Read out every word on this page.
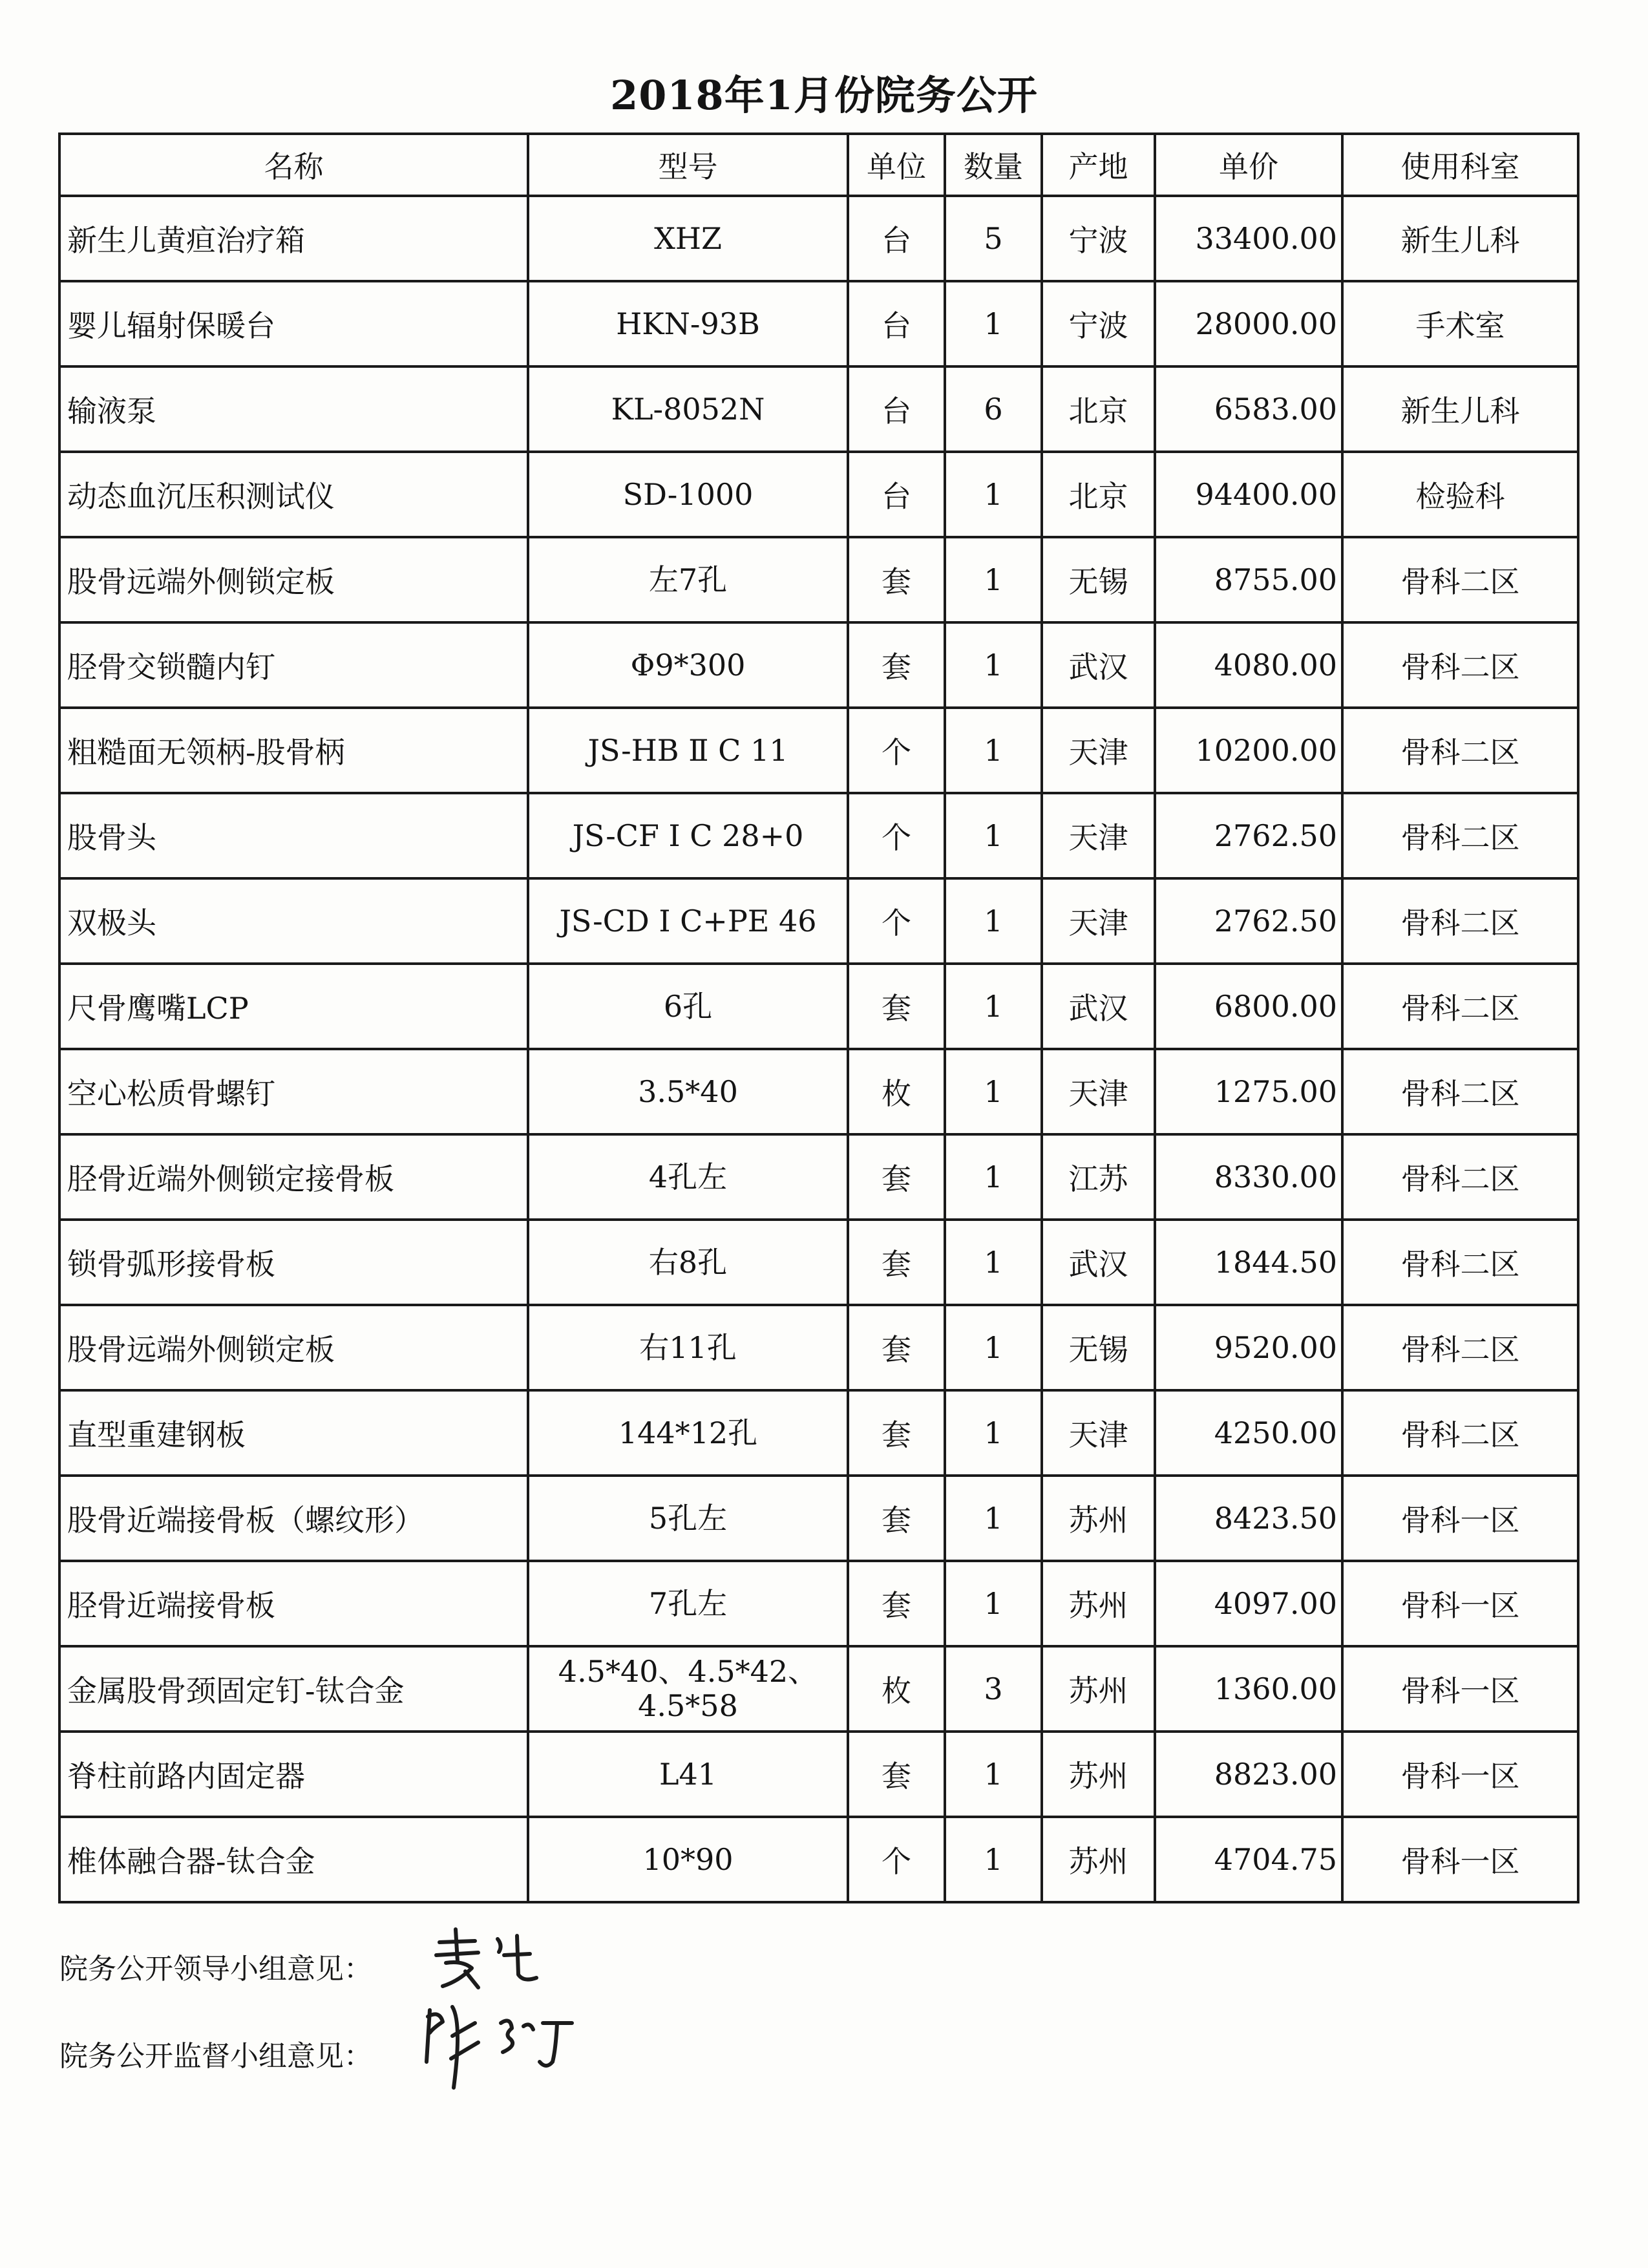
2018年1月份院务公开
名称	型号	单位	数量	产地	单价	使用科室
新生儿黄疸治疗箱	XHZ	台	5	宁波	33400.00	新生儿科
婴儿辐射保暖台	HKN-93B	台	1	宁波	28000.00	手术室
输液泵	KL-8052N	台	6	北京	6583.00	新生儿科
动态血沉压积测试仪	SD-1000	台	1	北京	94400.00	检验科
股骨远端外侧锁定板	左7孔	套	1	无锡	8755.00	骨科二区
胫骨交锁髓内钉	Φ9*300	套	1	武汉	4080.00	骨科二区
粗糙面无领柄-股骨柄	JS-HB Ⅱ C 11	个	1	天津	10200.00	骨科二区
股骨头	JS-CF Ⅰ C 28+0	个	1	天津	2762.50	骨科二区
双极头	JS-CD Ⅰ C+PE 46	个	1	天津	2762.50	骨科二区
尺骨鹰嘴LCP	6孔	套	1	武汉	6800.00	骨科二区
空心松质骨螺钉	3.5*40	枚	1	天津	1275.00	骨科二区
胫骨近端外侧锁定接骨板	4孔左	套	1	江苏	8330.00	骨科二区
锁骨弧形接骨板	右8孔	套	1	武汉	1844.50	骨科二区
股骨远端外侧锁定板	右11孔	套	1	无锡	9520.00	骨科二区
直型重建钢板	144*12孔	套	1	天津	4250.00	骨科二区
股骨近端接骨板（螺纹形）	5孔左	套	1	苏州	8423.50	骨科一区
胫骨近端接骨板	7孔左	套	1	苏州	4097.00	骨科一区
金属股骨颈固定钉-钛合金	4.5*40、4.5*42、4.5*58	枚	3	苏州	1360.00	骨科一区
脊柱前路内固定器	L41	套	1	苏州	8823.00	骨科一区
椎体融合器-钛合金	10*90	个	1	苏州	4704.75	骨科一区
院务公开领导小组意见：
院务公开监督小组意见：
